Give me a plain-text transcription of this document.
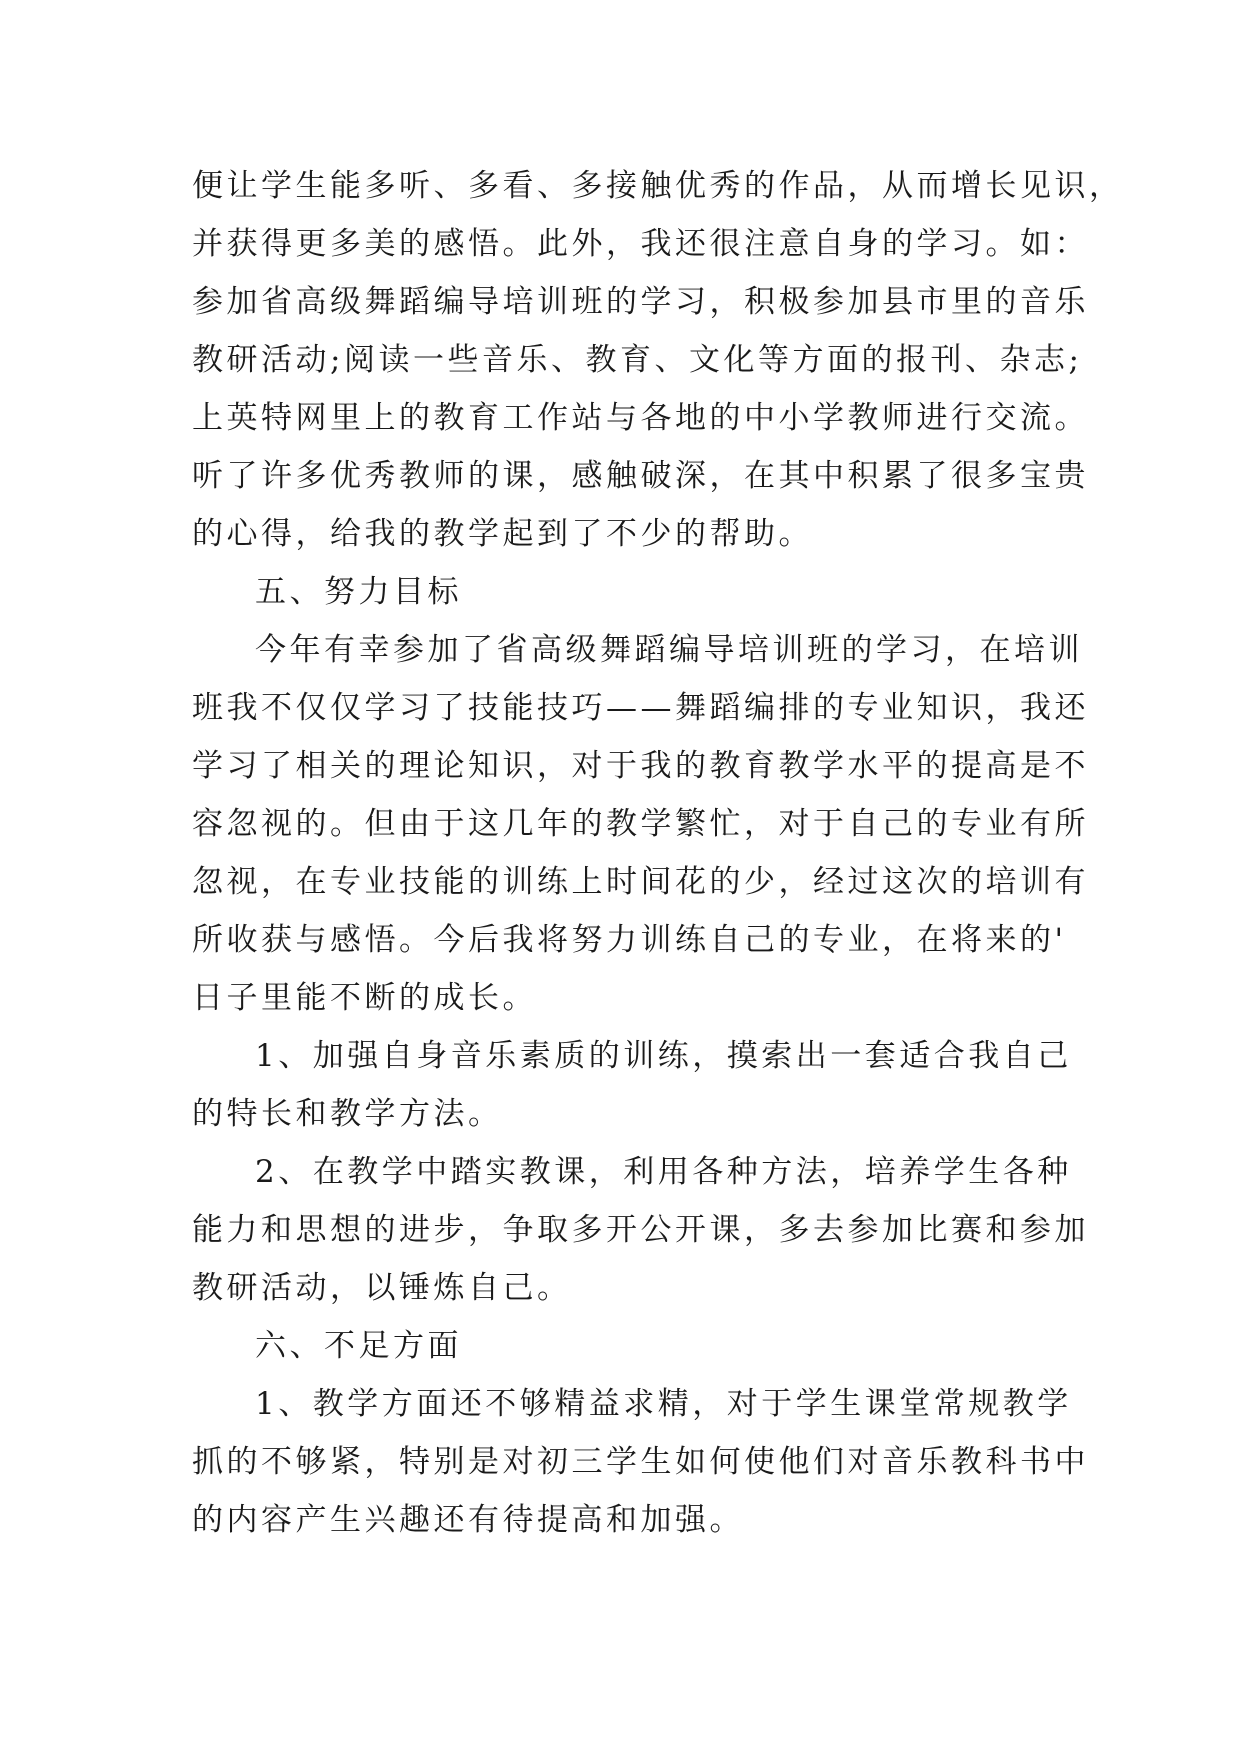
便让学生能多听、多看、多接触优秀的作品，从而增长见识，
并获得更多美的感悟。此外，我还很注意自身的学习。如：
参加省高级舞蹈编导培训班的学习，积极参加县市里的音乐
教研活动;阅读一些音乐、教育、文化等方面的报刊、杂志;
上英特网里上的教育工作站与各地的中小学教师进行交流。
听了许多优秀教师的课，感触破深，在其中积累了很多宝贵
的心得，给我的教学起到了不少的帮助。
五、努力目标
今年有幸参加了省高级舞蹈编导培训班的学习，在培训
班我不仅仅学习了技能技巧——舞蹈编排的专业知识，我还
学习了相关的理论知识，对于我的教育教学水平的提高是不
容忽视的。但由于这几年的教学繁忙，对于自己的专业有所
忽视，在专业技能的训练上时间花的少，经过这次的培训有
所收获与感悟。今后我将努力训练自己的专业，在将来的'
日子里能不断的成长。
1、加强自身音乐素质的训练，摸索出一套适合我自己
的特长和教学方法。
2、在教学中踏实教课，利用各种方法，培养学生各种
能力和思想的进步，争取多开公开课，多去参加比赛和参加
教研活动，以锤炼自己。
六、不足方面
1、教学方面还不够精益求精，对于学生课堂常规教学
抓的不够紧，特别是对初三学生如何使他们对音乐教科书中
的内容产生兴趣还有待提高和加强。
